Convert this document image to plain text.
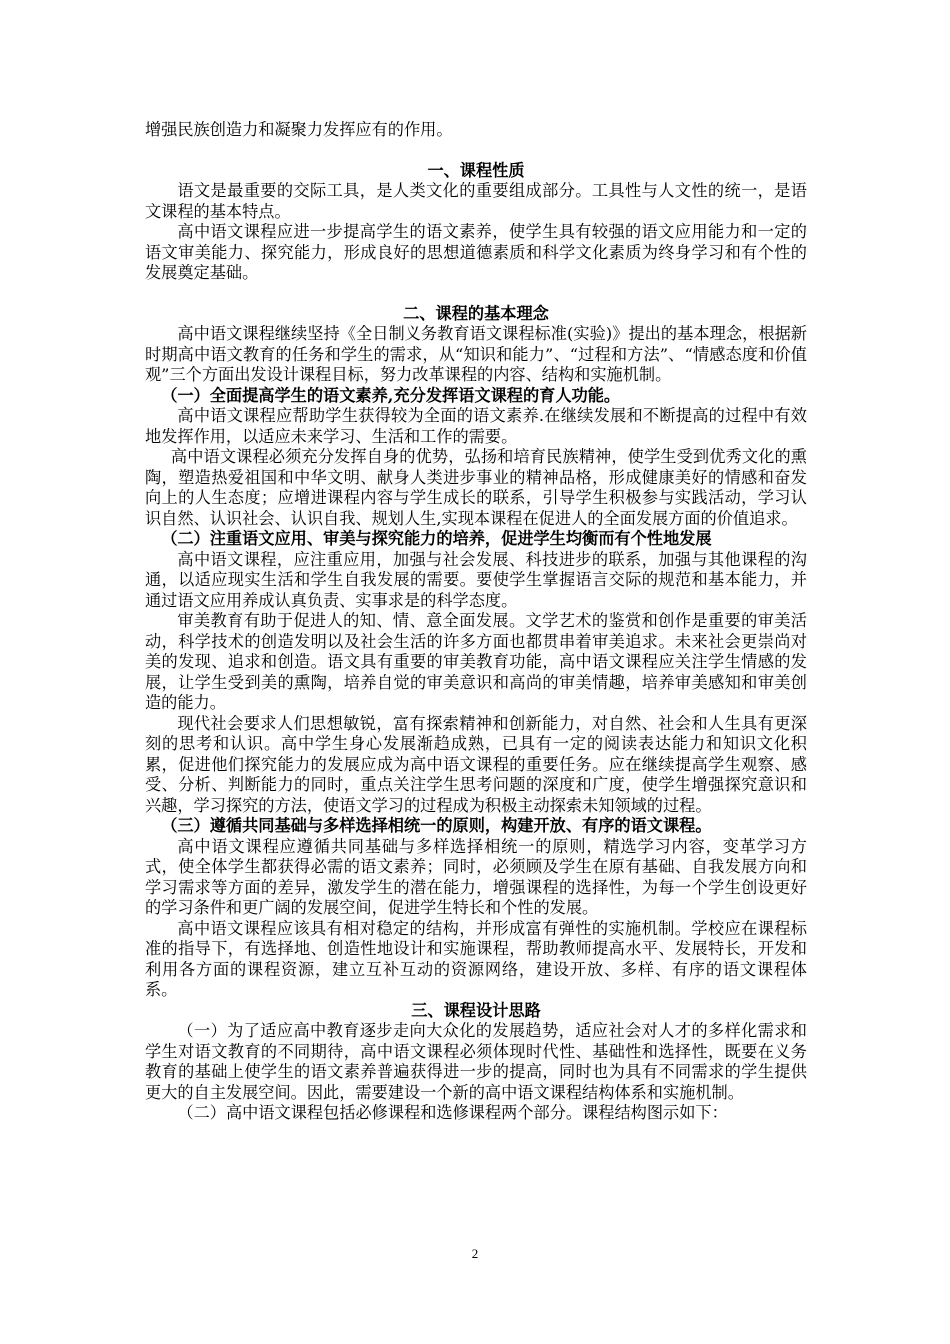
增强民族创造力和凝聚力发挥应有的作用。

一、课程性质

语文是最重要的交际工具，是人类文化的重要组成部分。工具性与人文性的统一，是语文课程的基本特点。

高中语文课程应进一步提高学生的语文素养，使学生具有较强的语文应用能力和一定的语文审美能力、探究能力，形成良好的思想道德素质和科学文化素质为终身学习和有个性的发展奠定基础。

二、课程的基本理念

高中语文课程继续坚持《全日制义务教育语文课程标准(实验)》提出的基本理念，根据新时期高中语文教育的任务和学生的需求，从“知识和能力”、“过程和方法”、“情感态度和价值观”三个方面出发设计课程目标，努力改革课程的内容、结构和实施机制。

（一）全面提高学生的语文素养,充分发挥语文课程的育人功能。

高中语文课程应帮助学生获得较为全面的语文素养.在继续发展和不断提高的过程中有效地发挥作用，以适应未来学习、生活和工作的需要。

高中语文课程必须充分发挥自身的优势，弘扬和培育民族精神，使学生受到优秀文化的熏陶，塑造热爱祖国和中华文明、献身人类进步事业的精神品格，形成健康美好的情感和奋发向上的人生态度；应增进课程内容与学生成长的联系，引导学生积极参与实践活动，学习认识自然、认识社会、认识自我、规划人生,实现本课程在促进人的全面发展方面的价值追求。

（二）注重语文应用、审美与探究能力的培养，促进学生均衡而有个性地发展

高中语文课程，应注重应用，加强与社会发展、科技进步的联系，加强与其他课程的沟通，以适应现实生活和学生自我发展的需要。要使学生掌握语言交际的规范和基本能力，并通过语文应用养成认真负责、实事求是的科学态度。

审美教育有助于促进人的知、情、意全面发展。文学艺术的鉴赏和创作是重要的审美活动，科学技术的创造发明以及社会生活的许多方面也都贯串着审美追求。未来社会更崇尚对美的发现、追求和创造。语文具有重要的审美教育功能，高中语文课程应关注学生情感的发展，让学生受到美的熏陶，培养自觉的审美意识和高尚的审美情趣，培养审美感知和审美创造的能力。

现代社会要求人们思想敏锐，富有探索精神和创新能力，对自然、社会和人生具有更深刻的思考和认识。高中学生身心发展渐趋成熟，已具有一定的阅读表达能力和知识文化积累，促进他们探究能力的发展应成为高中语文课程的重要任务。应在继续提高学生观察、感受、分析、判断能力的同时，重点关注学生思考问题的深度和广度，使学生增强探究意识和兴趣，学习探究的方法，使语文学习的过程成为积极主动探索未知领域的过程。

（三）遵循共同基础与多样选择相统一的原则，构建开放、有序的语文课程。

高中语文课程应遵循共同基础与多样选择相统一的原则，精选学习内容，变革学习方式，使全体学生都获得必需的语文素养；同时，必须顾及学生在原有基础、自我发展方向和学习需求等方面的差异，激发学生的潜在能力，增强课程的选择性，为每一个学生创设更好的学习条件和更广阔的发展空间，促进学生特长和个性的发展。

高中语文课程应该具有相对稳定的结构，并形成富有弹性的实施机制。学校应在课程标准的指导下，有选择地、创造性地设计和实施课程，帮助教师提高水平、发展特长，开发和利用各方面的课程资源，建立互补互动的资源网络，建设开放、多样、有序的语文课程体系。

三、课程设计思路

（一）为了适应高中教育逐步走向大众化的发展趋势，适应社会对人才的多样化需求和学生对语文教育的不同期待，高中语文课程必须体现时代性、基础性和选择性，既要在义务教育的基础上使学生的语文素养普遍获得进一步的提高，同时也为具有不同需求的学生提供更大的自主发展空间。因此，需要建设一个新的高中语文课程结构体系和实施机制。

（二）高中语文课程包括必修课程和选修课程两个部分。课程结构图示如下：

2
